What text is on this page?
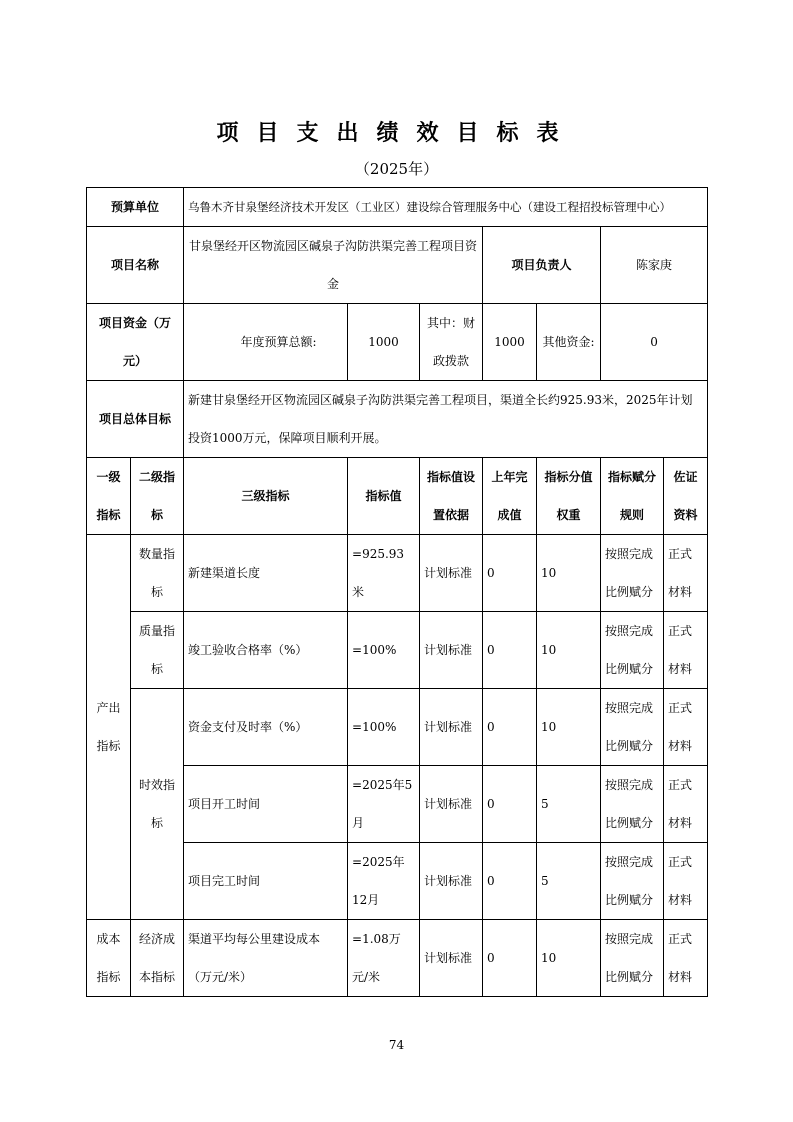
项目支出绩效目标表
（2025年）
预算单位		乌鲁木齐甘泉堡经济技术开发区（工业区）建设综合管理服务中心（建设工程招投标管理中心）						
项目名称		甘泉堡经开区物流园区碱泉子沟防洪渠完善工程项目资金			项目负责人		陈家庚	
项目资金（万元）		年度预算总额:	1000	其中：财政拨款	1000	其他资金:	0	
项目总体目标		新建甘泉堡经开区物流园区碱泉子沟防洪渠完善工程项目，渠道全长约925.93米，2025年计划投资1000万元，保障项目顺利开展。						
一级指标	二级指标	三级指标	指标值	指标值设置依据	上年完成值	指标分值权重	指标赋分规则	佐证资料
产出指标	数量指标	新建渠道长度	=925.93米	计划标准	0	10	按照完成比例赋分	正式材料
	质量指标	竣工验收合格率（%）	=100%	计划标准	0	10	按照完成比例赋分	正式材料
	时效指标	资金支付及时率（%）	=100%	计划标准	0	10	按照完成比例赋分	正式材料
		项目开工时间	=2025年5月	计划标准	0	5	按照完成比例赋分	正式材料
		项目完工时间	=2025年12月	计划标准	0	5	按照完成比例赋分	正式材料
成本指标	经济成本指标	渠道平均每公里建设成本（万元/米）	=1.08万元/米	计划标准	0	10	按照完成比例赋分	正式材料
74
